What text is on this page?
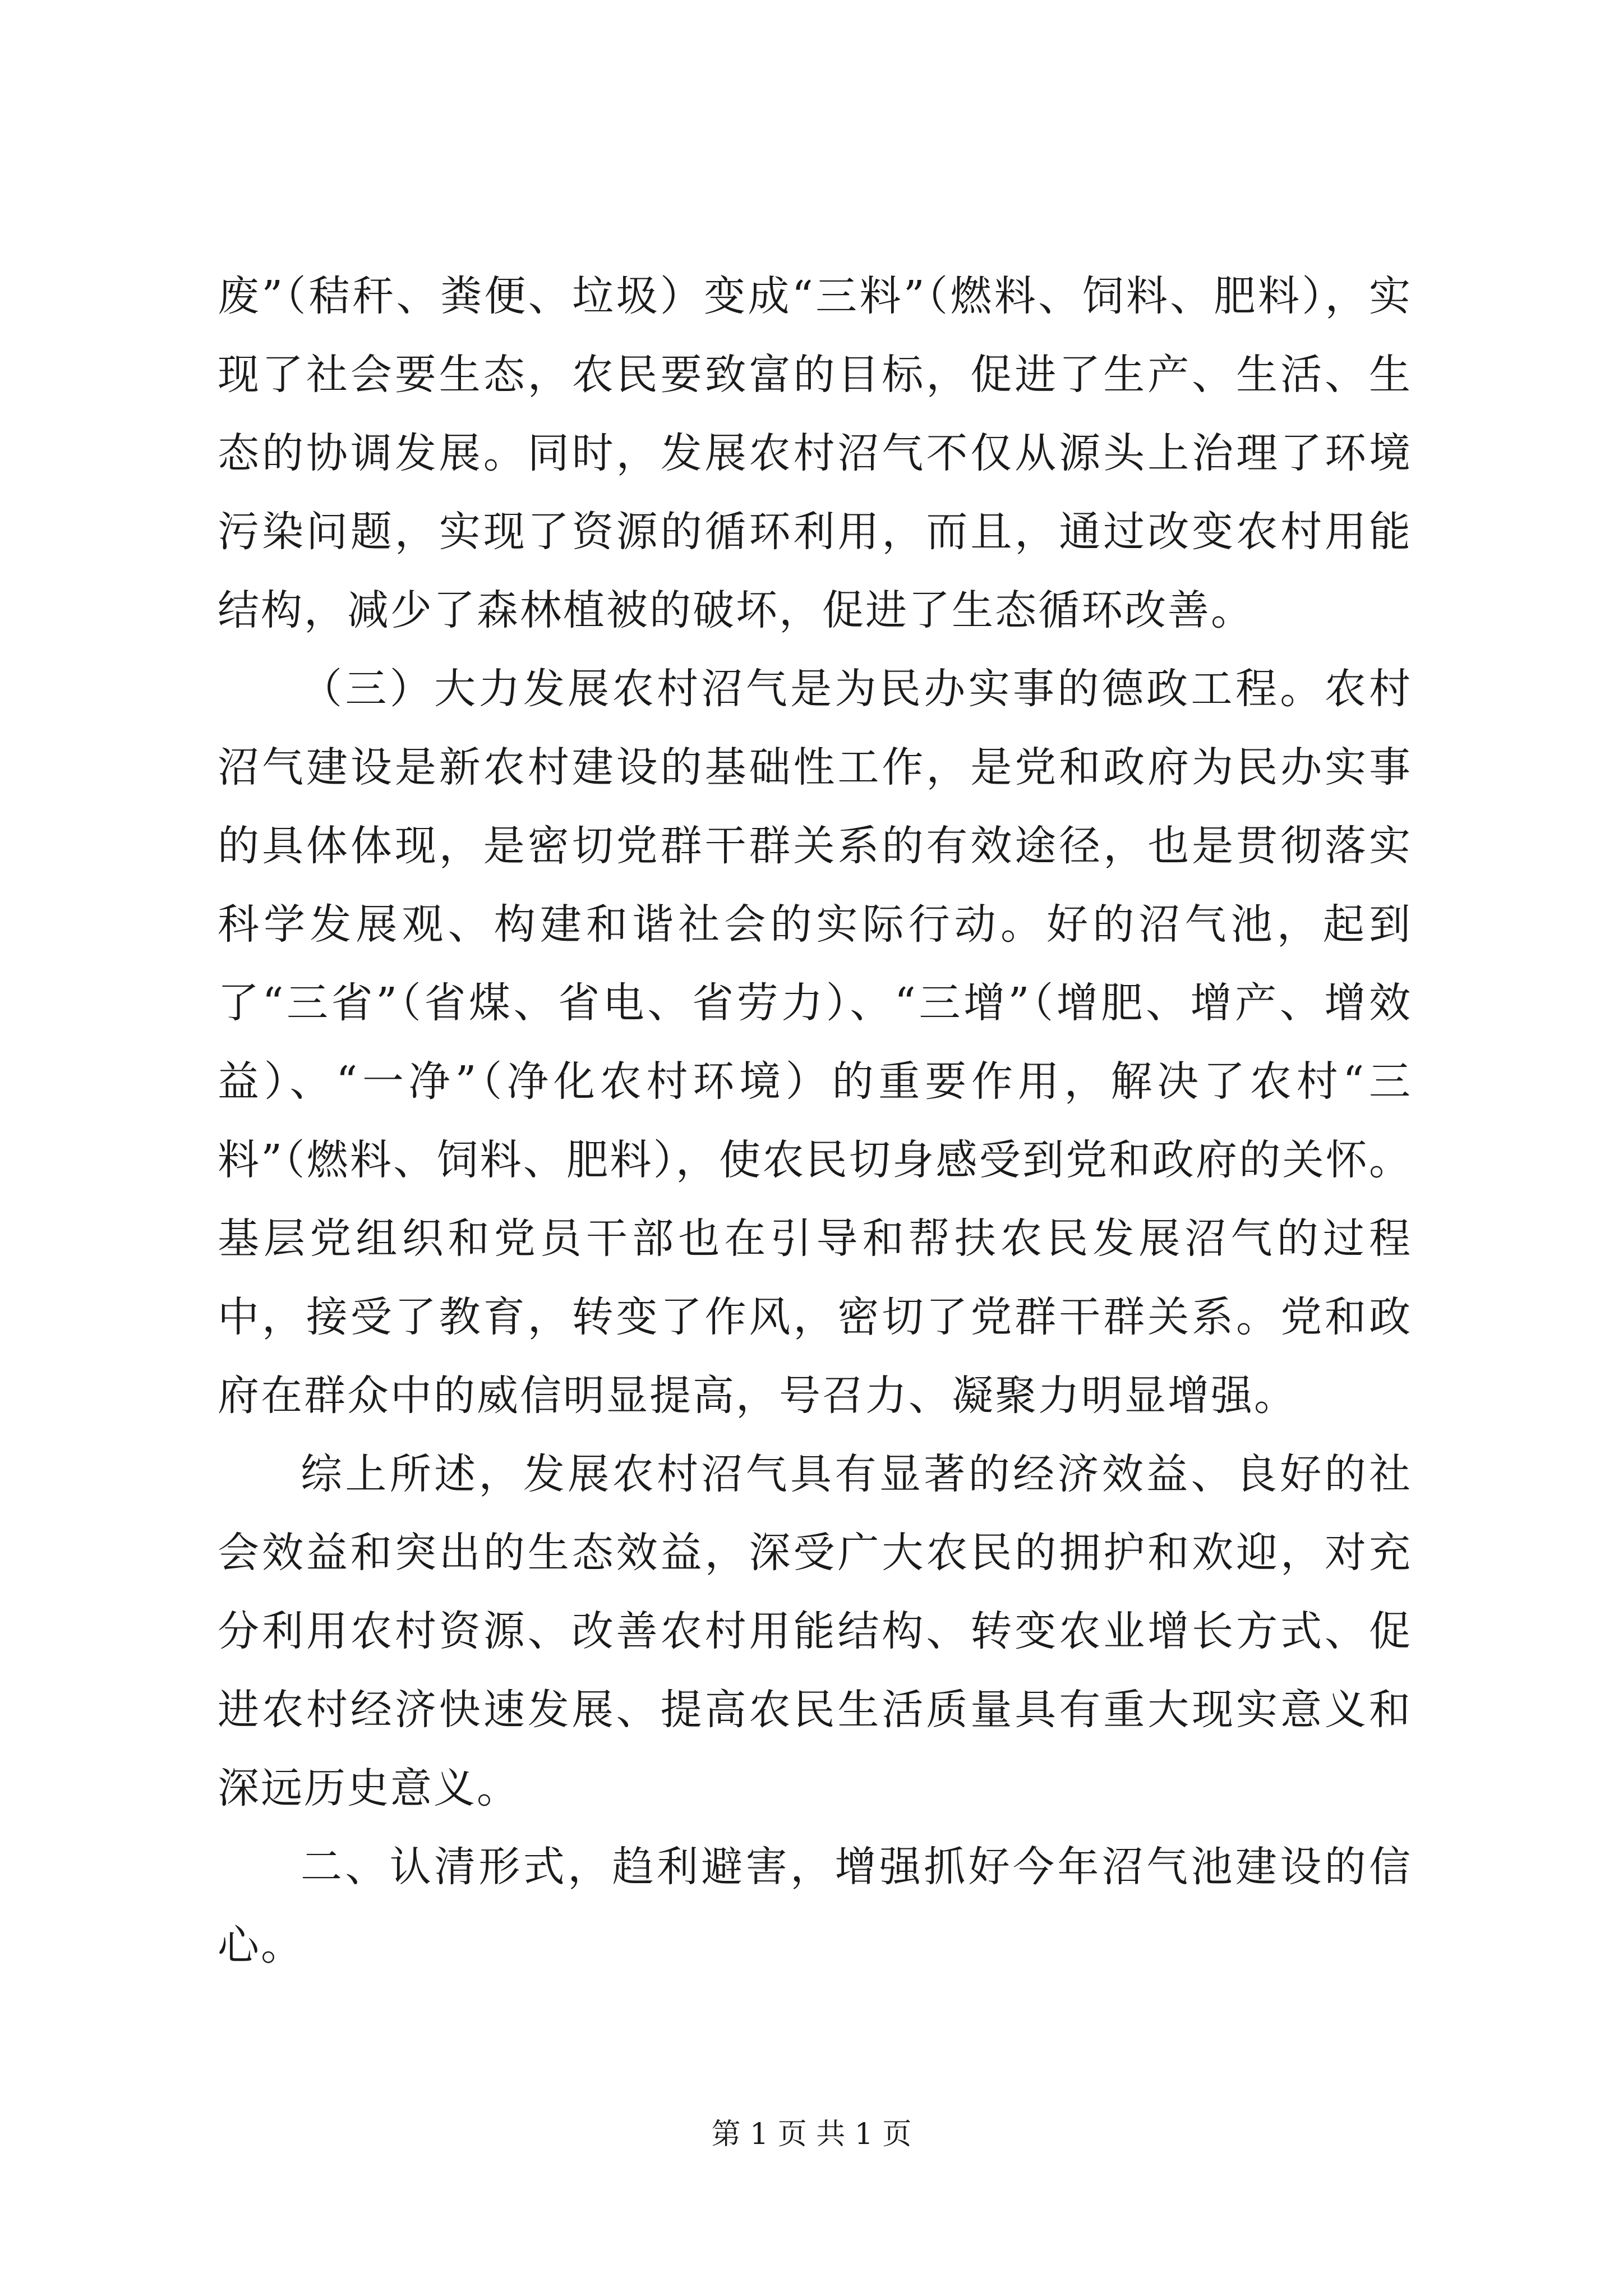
废”（秸秆、粪便、垃圾）变成“三料”（燃料、饲料、肥料），实现了社会要生态，农民要致富的目标，促进了生产、生活、生态的协调发展。同时，发展农村沼气不仅从源头上治理了环境污染问题，实现了资源的循环利用，而且，通过改变农村用能结构，减少了森林植被的破坏，促进了生态循环改善。

（三）大力发展农村沼气是为民办实事的德政工程。农村沼气建设是新农村建设的基础性工作，是党和政府为民办实事的具体体现，是密切党群干群关系的有效途径，也是贯彻落实科学发展观、构建和谐社会的实际行动。好的沼气池，起到了“三省”（省煤、省电、省劳力）、“三增”（增肥、增产、增效益）、“一净”（净化农村环境）的重要作用，解决了农村“三料”（燃料、饲料、肥料），使农民切身感受到党和政府的关怀。基层党组织和党员干部也在引导和帮扶农民发展沼气的过程中，接受了教育，转变了作风，密切了党群干群关系。党和政府在群众中的威信明显提高，号召力、凝聚力明显增强。

综上所述，发展农村沼气具有显著的经济效益、良好的社会效益和突出的生态效益，深受广大农民的拥护和欢迎，对充分利用农村资源、改善农村用能结构、转变农业增长方式、促进农村经济快速发展、提高农民生活质量具有重大现实意义和深远历史意义。

二、认清形式，趋利避害，增强抓好今年沼气池建设的信心。

第 1 页 共 1 页
